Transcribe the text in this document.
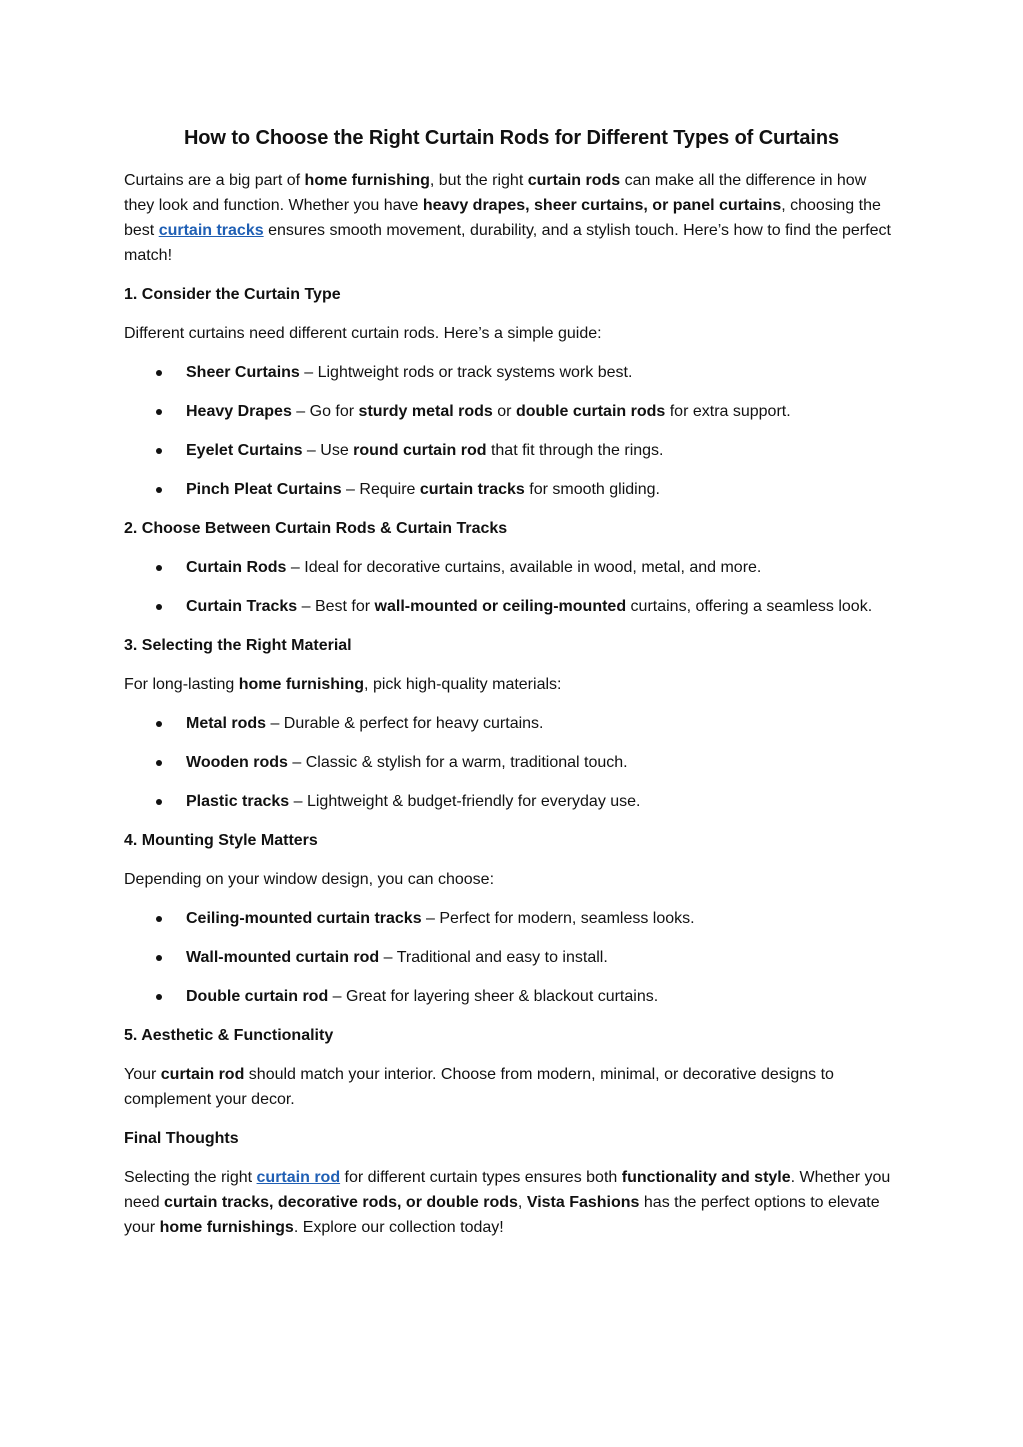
How to Choose the Right Curtain Rods for Different Types of Curtains

Curtains are a big part of home furnishing, but the right curtain rods can make all the difference in how they look and function. Whether you have heavy drapes, sheer curtains, or panel curtains, choosing the best curtain tracks ensures smooth movement, durability, and a stylish touch. Here’s how to find the perfect match!

1. Consider the Curtain Type

Different curtains need different curtain rods. Here’s a simple guide:

Sheer Curtains – Lightweight rods or track systems work best.
Heavy Drapes – Go for sturdy metal rods or double curtain rods for extra support.
Eyelet Curtains – Use round curtain rod that fit through the rings.
Pinch Pleat Curtains – Require curtain tracks for smooth gliding.

2. Choose Between Curtain Rods & Curtain Tracks

Curtain Rods – Ideal for decorative curtains, available in wood, metal, and more.
Curtain Tracks – Best for wall-mounted or ceiling-mounted curtains, offering a seamless look.

3. Selecting the Right Material

For long-lasting home furnishing, pick high-quality materials:

Metal rods – Durable & perfect for heavy curtains.
Wooden rods – Classic & stylish for a warm, traditional touch.
Plastic tracks – Lightweight & budget-friendly for everyday use.

4. Mounting Style Matters

Depending on your window design, you can choose:

Ceiling-mounted curtain tracks – Perfect for modern, seamless looks.
Wall-mounted curtain rod – Traditional and easy to install.
Double curtain rod – Great for layering sheer & blackout curtains.

5. Aesthetic & Functionality

Your curtain rod should match your interior. Choose from modern, minimal, or decorative designs to complement your decor.

Final Thoughts

Selecting the right curtain rod for different curtain types ensures both functionality and style. Whether you need curtain tracks, decorative rods, or double rods, Vista Fashions has the perfect options to elevate your home furnishings. Explore our collection today!
